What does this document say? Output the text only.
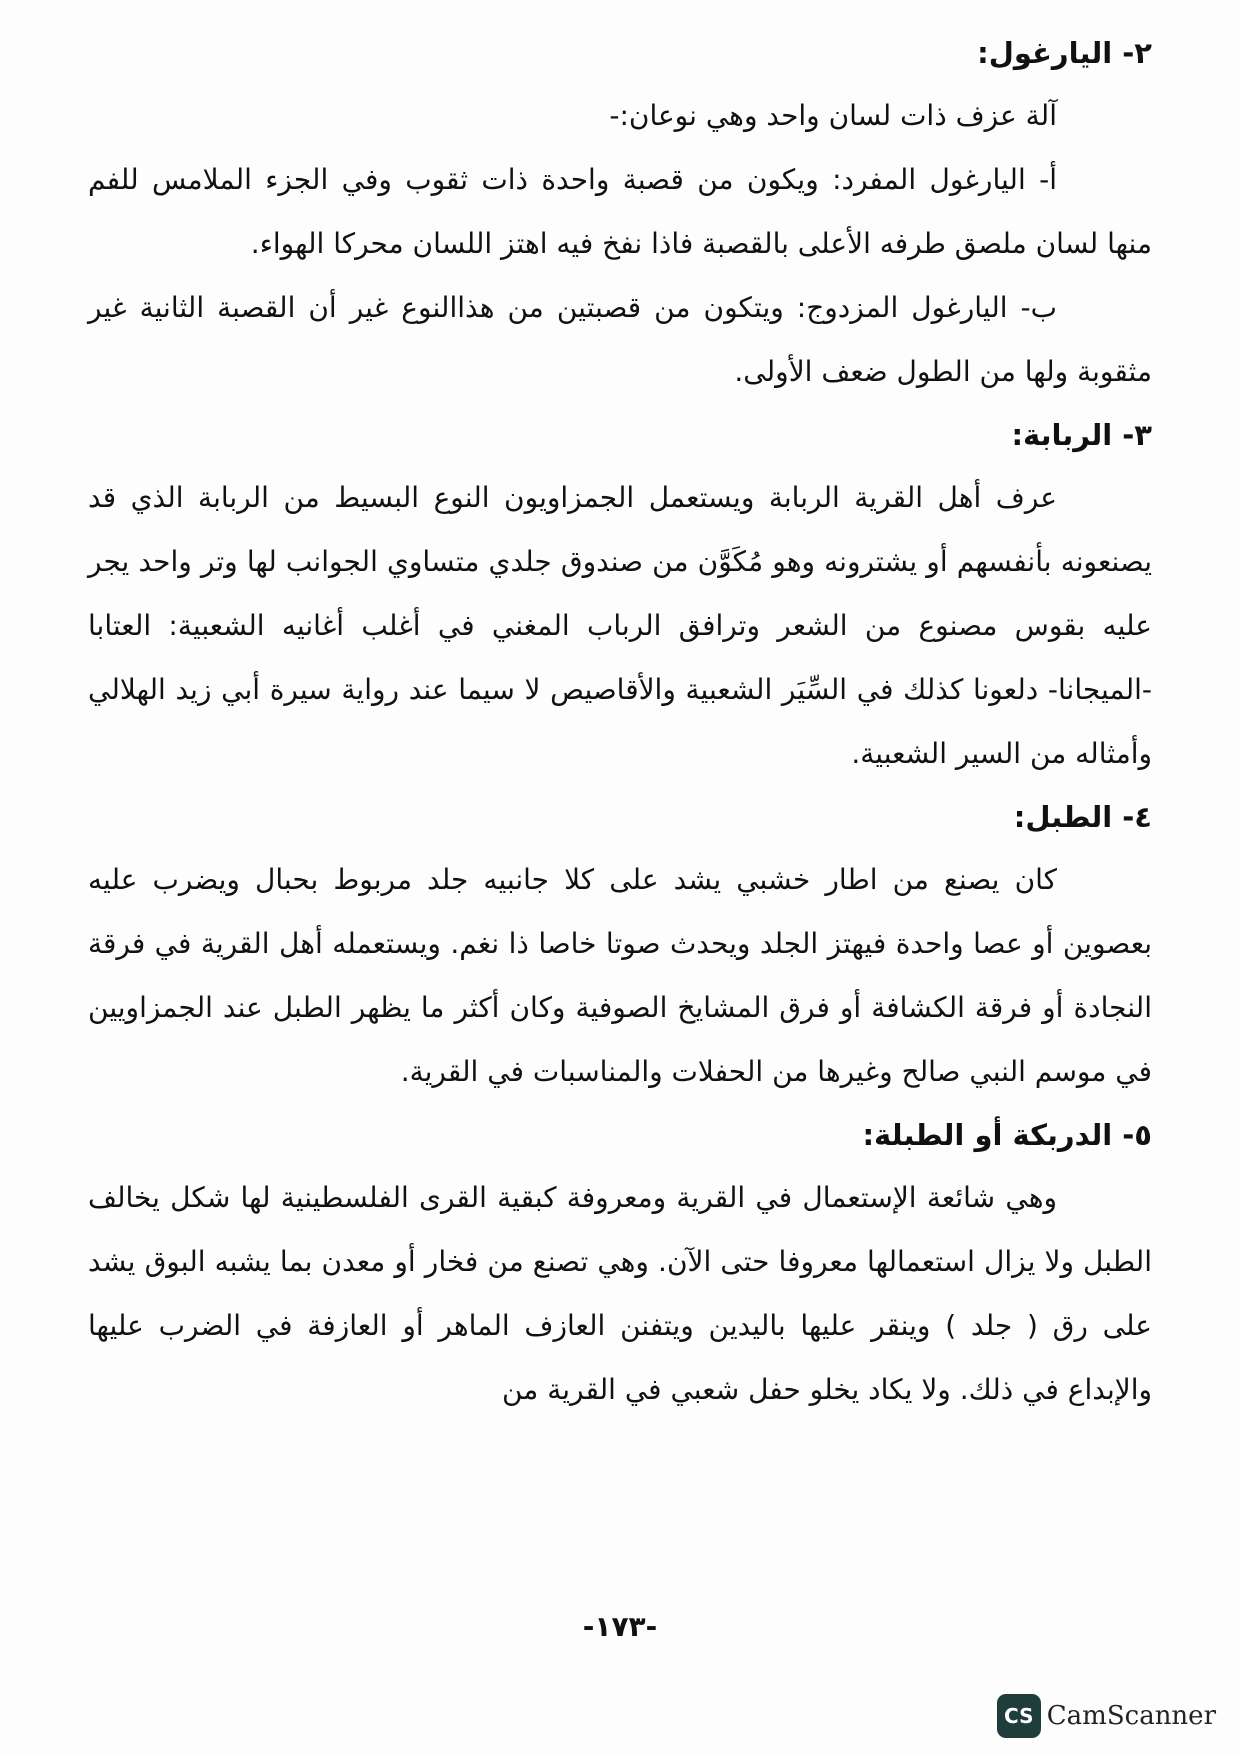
٢- اليارغول:

آلة عزف ذات لسان واحد وهي نوعان:-

أ- اليارغول المفرد: ويكون من قصبة واحدة ذات ثقوب وفي الجزء الملامس للفم منها لسان ملصق طرفه الأعلى بالقصبة فاذا نفخ فيه اهتز اللسان محركا الهواء.

ب- اليارغول المزدوج: ويتكون من قصبتين من هذاالنوع غير أن القصبة الثانية غير مثقوبة ولها من الطول ضعف الأولى.

٣- الربابة:

عرف أهل القرية الربابة ويستعمل الجمزاويون النوع البسيط من الربابة الذي قد يصنعونه بأنفسهم أو يشترونه وهو مُكَوَّن من صندوق جلدي متساوي الجوانب لها وتر واحد يجر عليه بقوس مصنوع من الشعر وترافق الرباب المغني في أغلب أغانيه الشعبية: العتابا -الميجانا- دلعونا كذلك في السِّيَر الشعبية والأقاصيص لا سيما عند رواية سيرة أبي زيد الهلالي وأمثاله من السير الشعبية.

٤- الطبل:

كان يصنع من اطار خشبي يشد على كلا جانبيه جلد مربوط بحبال ويضرب عليه بعصوين أو عصا واحدة فيهتز الجلد ويحدث صوتا خاصا ذا نغم. ويستعمله أهل القرية في فرقة النجادة أو فرقة الكشافة أو فرق المشايخ الصوفية وكان أكثر ما يظهر الطبل عند الجمزاويين في موسم النبي صالح وغيرها من الحفلات والمناسبات في القرية.

٥- الدربكة أو الطبلة:

وهي شائعة الإستعمال في القرية ومعروفة كبقية القرى الفلسطينية لها شكل يخالف الطبل ولا يزال استعمالها معروفا حتى الآن. وهي تصنع من فخار أو معدن بما يشبه البوق يشد على رق ( جلد ) وينقر عليها باليدين ويتفنن العازف الماهر أو العازفة في الضرب عليها والإبداع في ذلك. ولا يكاد يخلو حفل شعبي في القرية من

-١٧٣-
CS CamScanner
